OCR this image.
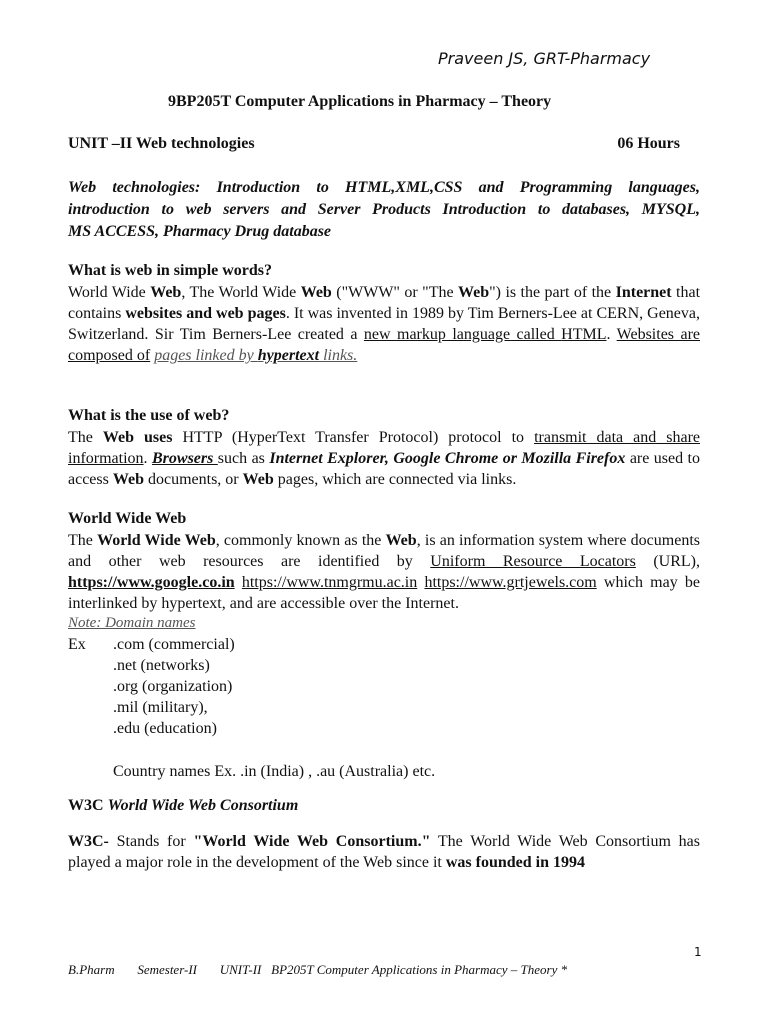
Praveen JS, GRT-Pharmacy
9BP205T Computer Applications in Pharmacy – Theory
UNIT –II Web technologies	06 Hours
Web technologies: Introduction to HTML,XML,CSS and Programming languages,
introduction to web servers and Server Products Introduction to databases, MYSQL,
MS ACCESS, Pharmacy Drug database
What is web in simple words?

World Wide Web, The World Wide Web ("WWW" or "The Web") is the part of the Internet that contains websites and web pages. It was invented in 1989 by Tim Berners-Lee at CERN, Geneva, Switzerland. Sir Tim Berners-Lee created a new markup language called HTML. Websites are composed of pages linked by hypertext links.

What is the use of web?

The Web uses HTTP (HyperText Transfer Protocol) protocol to transmit data and share information. Browsers such as Internet Explorer, Google Chrome or Mozilla Firefox are used to access Web documents, or Web pages, which are connected via links.

World Wide Web

The World Wide Web, commonly known as the Web, is an information system where documents and other web resources are identified by Uniform Resource Locators (URL), https://www.google.co.in https://www.tnmgrmu.ac.in https://www.grtjewels.com which may be interlinked by hypertext, and are accessible over the Internet.

Note: Domain names
Ex .com (commercial)
.net (networks)
.org (organization)
.mil (military),
.edu (education)
Country names Ex. .in (India) , .au (Australia) etc.
W3C World Wide Web Consortium

W3C- Stands for "World Wide Web Consortium." The World Wide Web Consortium has played a major role in the development of the Web since it was founded in 1994

1
B.Pharm       Semester-II       UNIT-II   BP205T Computer Applications in Pharmacy – Theory *
